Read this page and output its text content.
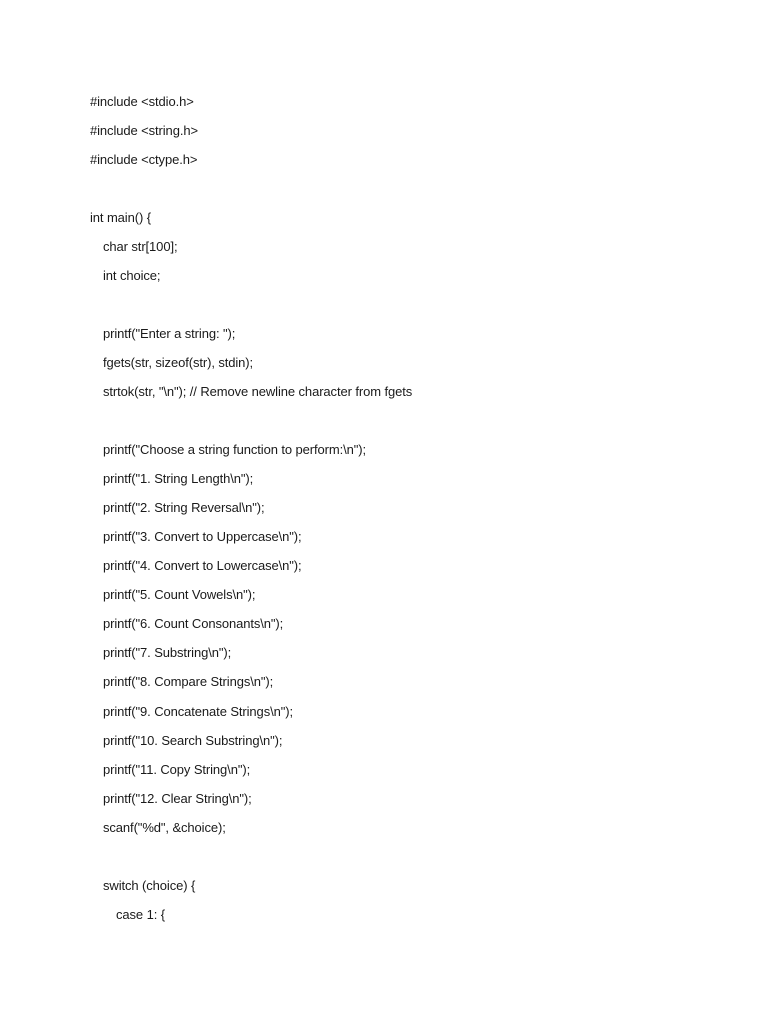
#include <stdio.h>
#include <string.h>
#include <ctype.h>
int main() {
char str[100];
int choice;
printf("Enter a string: ");
fgets(str, sizeof(str), stdin);
strtok(str, "\n"); // Remove newline character from fgets
printf("Choose a string function to perform:\n");
printf("1. String Length\n");
printf("2. String Reversal\n");
printf("3. Convert to Uppercase\n");
printf("4. Convert to Lowercase\n");
printf("5. Count Vowels\n");
printf("6. Count Consonants\n");
printf("7. Substring\n");
printf("8. Compare Strings\n");
printf("9. Concatenate Strings\n");
printf("10. Search Substring\n");
printf("11. Copy String\n");
printf("12. Clear String\n");
scanf("%d", &choice);
switch (choice) {
case 1: {
